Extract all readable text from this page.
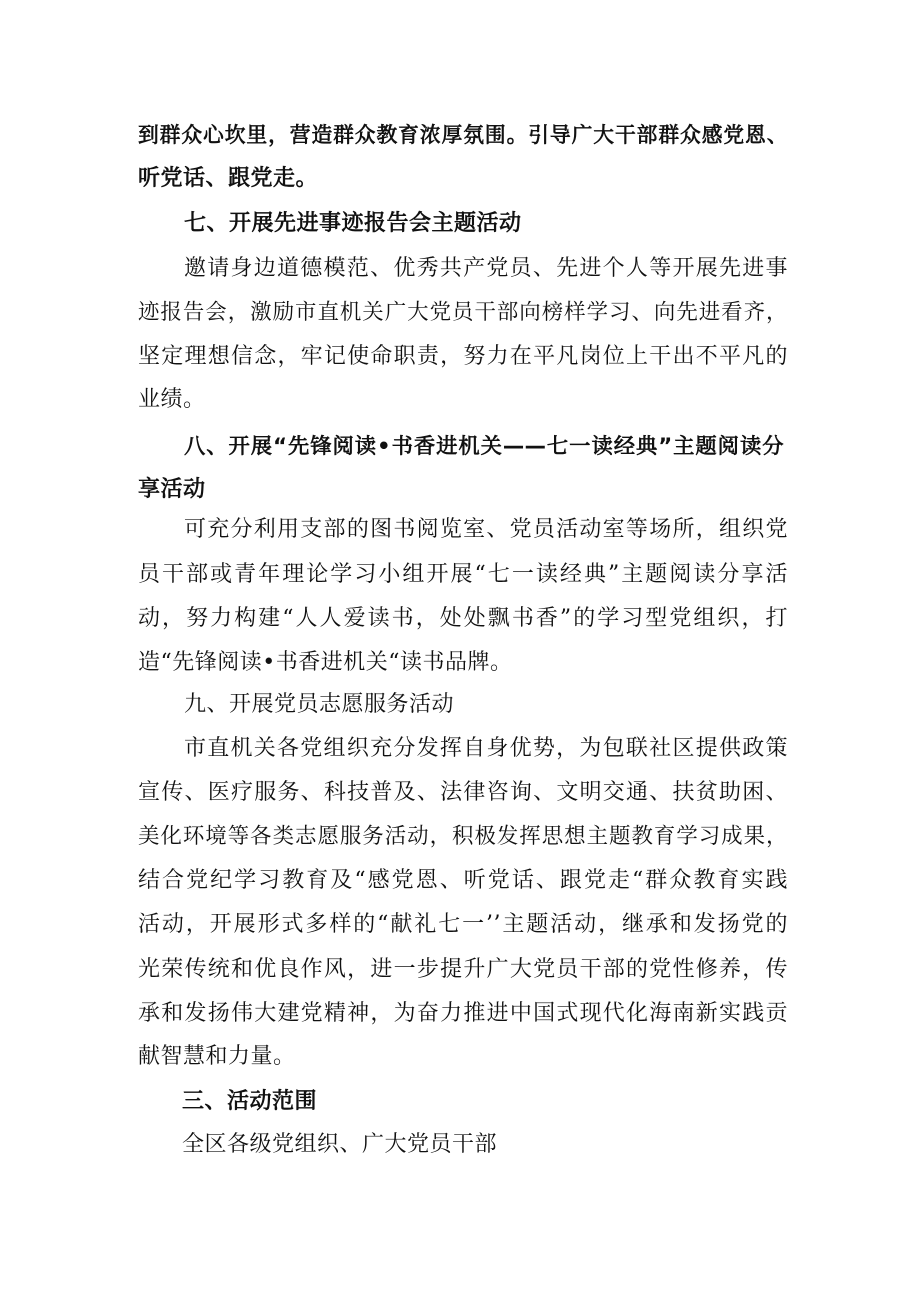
到群众心坎里，营造群众教育浓厚氛围。引导广大干部群众感党恩、
听党话、跟党走。
七、开展先进事迹报告会主题活动
邀请身边道德模范、优秀共产党员、先进个人等开展先进事
迹报告会，激励市直机关广大党员干部向榜样学习、向先进看齐，
坚定理想信念，牢记使命职责，努力在平凡岗位上干出不平凡的
业绩。
八、开展“先锋阅读•书香进机关——七一读经典”主题阅读分
享活动
可充分利用支部的图书阅览室、党员活动室等场所，组织党
员干部或青年理论学习小组开展“七一读经典”主题阅读分享活
动，努力构建“人人爱读书，处处飘书香”的学习型党组织，打
造“先锋阅读•书香进机关“读书品牌。
九、开展党员志愿服务活动
市直机关各党组织充分发挥自身优势，为包联社区提供政策
宣传、医疗服务、科技普及、法律咨询、文明交通、扶贫助困、
美化环境等各类志愿服务活动，积极发挥思想主题教育学习成果，
结合党纪学习教育及“感党恩、听党话、跟党走“群众教育实践
活动，开展形式多样的“献礼七一’’主题活动，继承和发扬党的
光荣传统和优良作风，进一步提升广大党员干部的党性修养，传
承和发扬伟大建党精神，为奋力推进中国式现代化海南新实践贡
献智慧和力量。
三、活动范围
全区各级党组织、广大党员干部
